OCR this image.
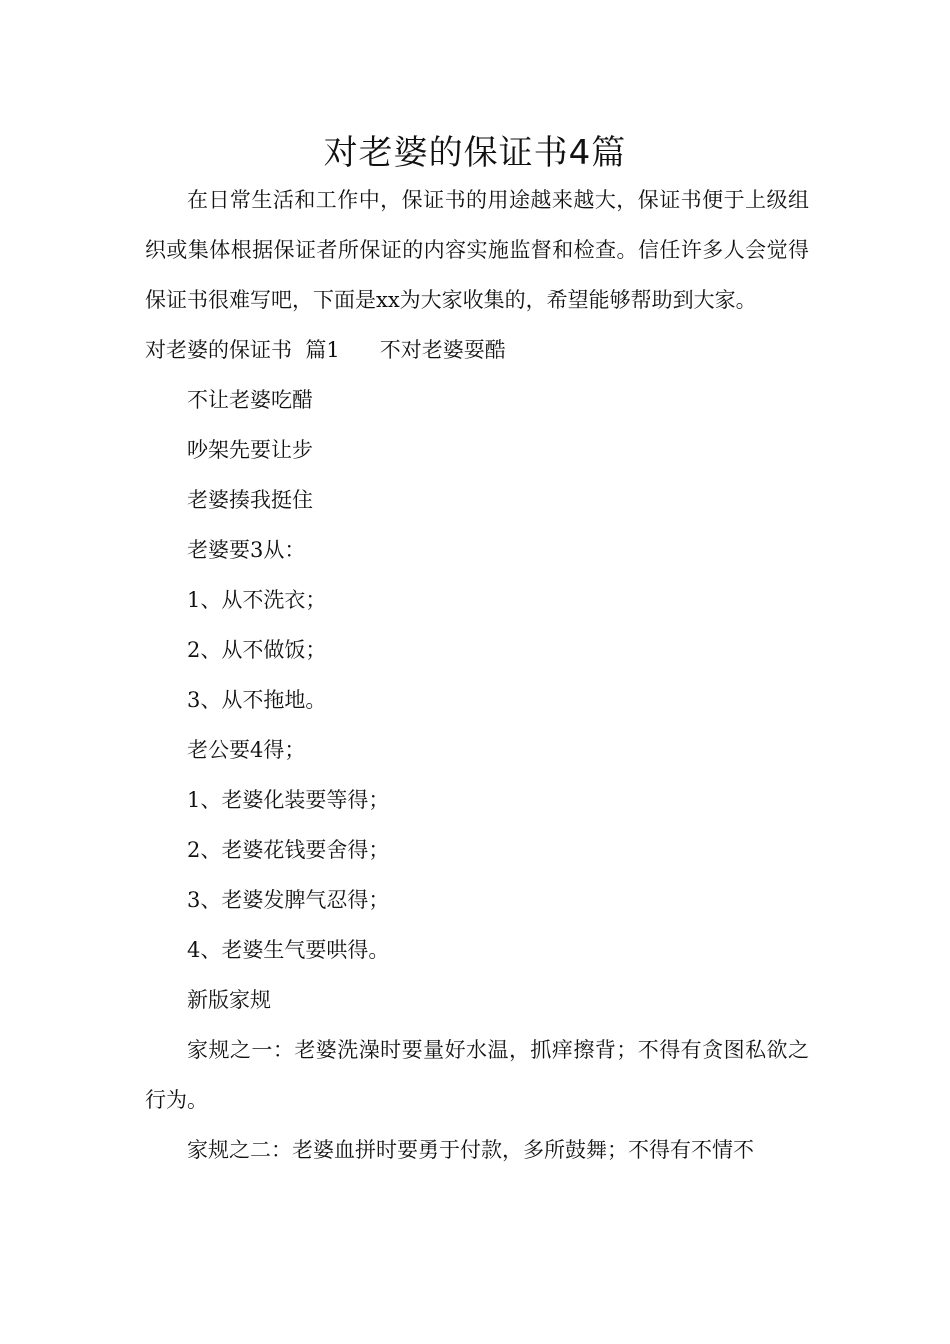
对老婆的保证书4篇

在日常生活和工作中，保证书的用途越来越大，保证书便于上级组织或集体根据保证者所保证的内容实施监督和检查。信任许多人会觉得保证书很难写吧，下面是xx为大家收集的，希望能够帮助到大家。

对老婆的保证书  篇1 不对老婆耍酷

不让老婆吃醋

吵架先要让步

老婆揍我挺住

老婆要3从：

1、从不洗衣；

2、从不做饭；

3、从不拖地。

老公要4得；

1、老婆化装要等得；

2、老婆花钱要舍得；

3、老婆发脾气忍得；

4、老婆生气要哄得。

新版家规

家规之一：老婆洗澡时要量好水温，抓痒擦背；不得有贪图私欲之行为。

家规之二：老婆血拼时要勇于付款，多所鼓舞；不得有不情不
